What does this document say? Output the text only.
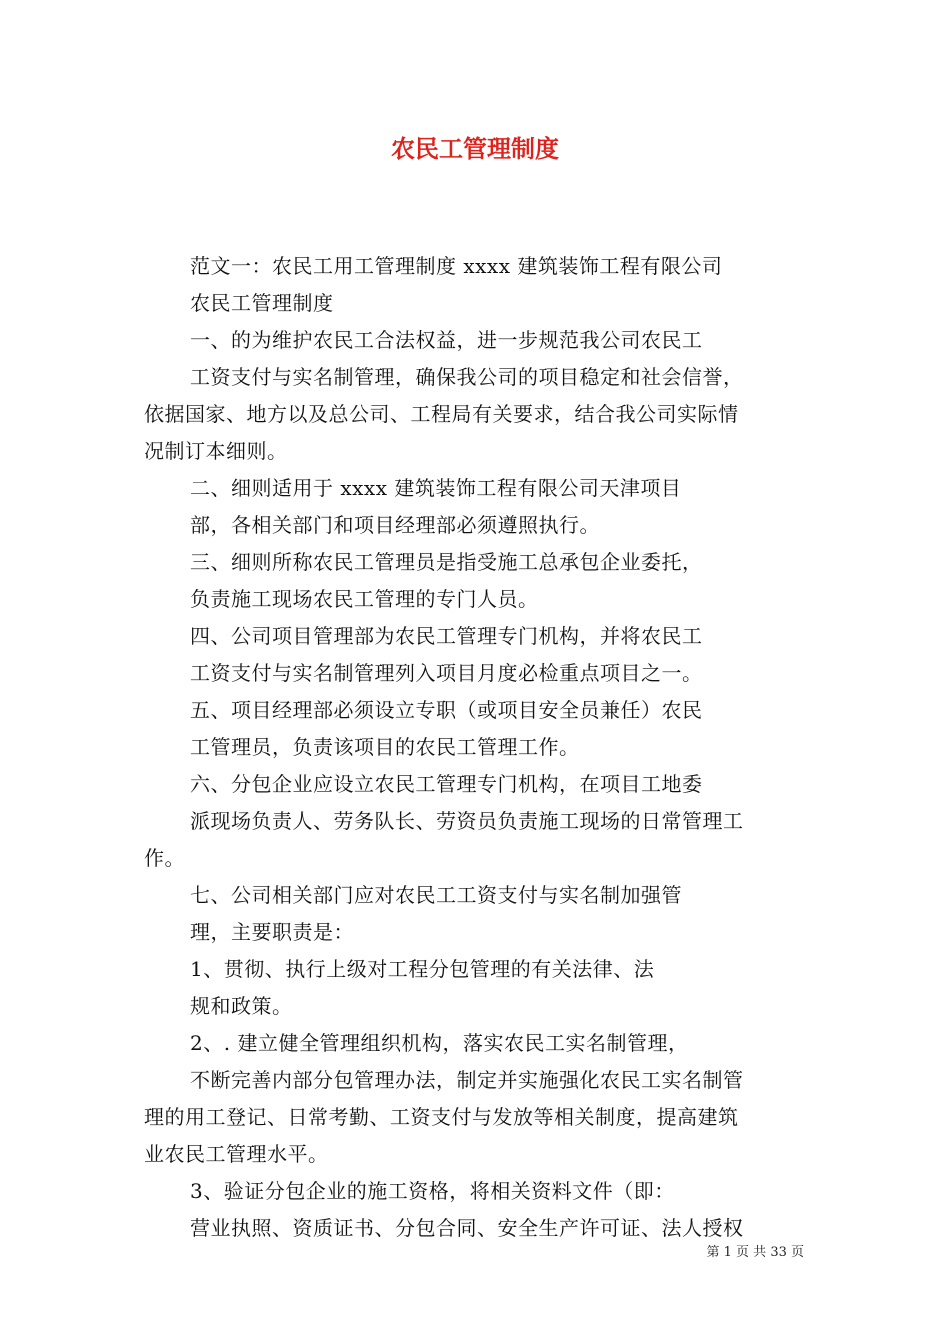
农民工管理制度
范文一：农民工用工管理制度 xxxx 建筑装饰工程有限公司
农民工管理制度
一、的为维护农民工合法权益，进一步规范我公司农民工
工资支付与实名制管理，确保我公司的项目稳定和社会信誉，
依据国家、地方以及总公司、工程局有关要求，结合我公司实际情
况制订本细则。
二、细则适用于 xxxx 建筑装饰工程有限公司天津项目
部，各相关部门和项目经理部必须遵照执行。
三、细则所称农民工管理员是指受施工总承包企业委托，
负责施工现场农民工管理的专门人员。
四、公司项目管理部为农民工管理专门机构，并将农民工
工资支付与实名制管理列入项目月度必检重点项目之一。
五、项目经理部必须设立专职（或项目安全员兼任）农民
工管理员，负责该项目的农民工管理工作。
六、分包企业应设立农民工管理专门机构，在项目工地委
派现场负责人、劳务队长、劳资员负责施工现场的日常管理工
作。
七、公司相关部门应对农民工工资支付与实名制加强管
理，主要职责是：
1、贯彻、执行上级对工程分包管理的有关法律、法
规和政策。
2、. 建立健全管理组织机构，落实农民工实名制管理，
不断完善内部分包管理办法，制定并实施强化农民工实名制管
理的用工登记、日常考勤、工资支付与发放等相关制度，提高建筑
业农民工管理水平。
3、验证分包企业的施工资格，将相关资料文件（即：
营业执照、资质证书、分包合同、安全生产许可证、法人授权
第 1 页 共 33 页
